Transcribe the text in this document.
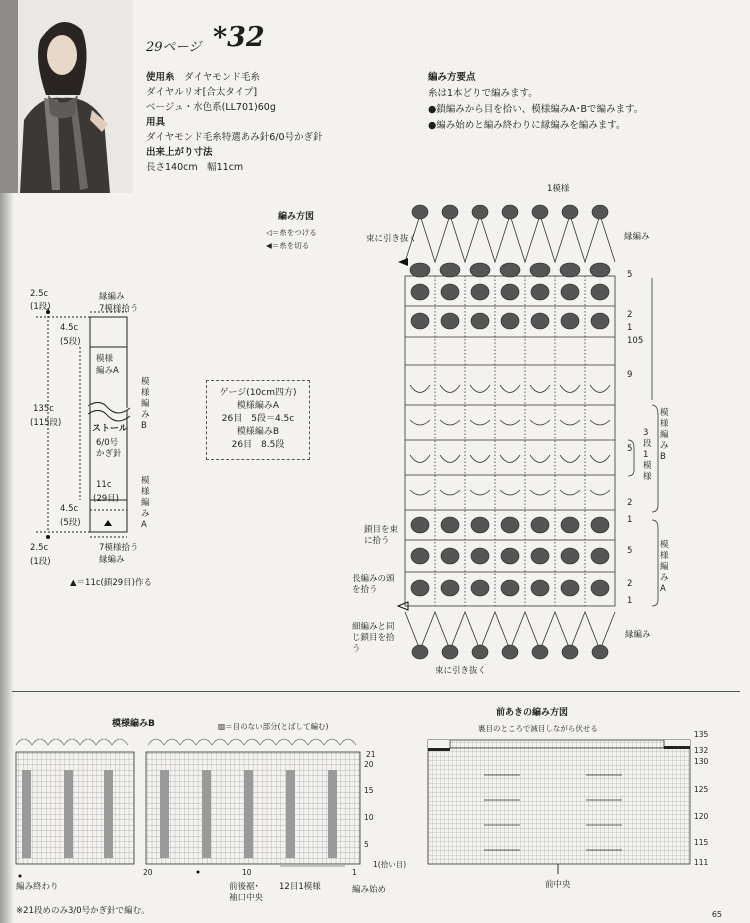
29ページ *32
使用糸　 ダイヤモンド毛糸
ダイヤルリオ[合太タイプ]
ベージュ・水色系(LL701)60g
用具
ダイヤモンド毛糸特選あみ針6/0号かぎ針
出来上がり寸法
長さ140cm　幅11cm
編み方要点
糸は1本どりで編みます。
●鎖編みから目を拾い、模様編みA･Bで編みます。
●編み始めと編み終わりに縁編みを編みます。
編み方図
◁＝糸をつける
◀＝糸を切る
縁編み
7模様拾う
模様
編みA
模様編みB
ストール
6/0号
かぎ針
模様編みA
7模様拾う
縁編み
2.5c
(1段)
4.5c
(5段)
135c
(115段)
11c
(29目)
4.5c
(5段)
2.5c
(1段)
▲＝11c(鎖29目)作る
ゲージ(10cm四方)
模様編みA
26目　5段＝4.5c
模様編みB
26目　8.5段
1模様
束に引き抜く	縁編み
5
2
1
105
9
5
2
1
5
2
1
模様編みB
3段1模様
模様編みA
縁編み
鎖目を束に拾う
長編みの頭を拾う
細編みと同じ鎖目を拾う
束に引き抜く
模様編みB	▨＝目のない部分(とばして編む)
21
20
15
10
5
1(拾い目)
20	10	1
編み終わり	前後裾･
袖口中央
12目1模様	編み始め
※21段めのみ3/0号かぎ針で編む。
前あきの編み方図
裏目のところで減目しながら伏せる
135
132
130
125
120
115
111
前中央
65
